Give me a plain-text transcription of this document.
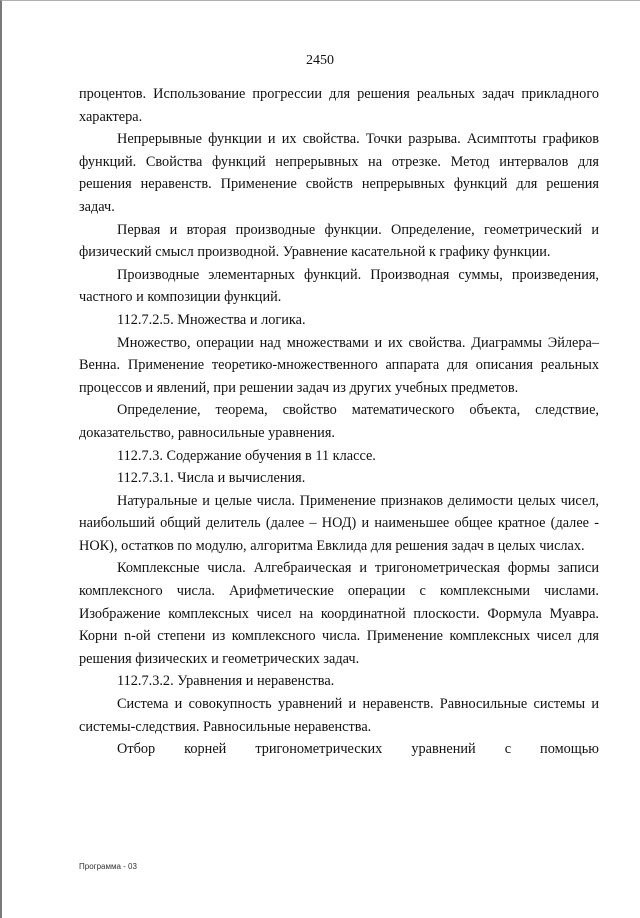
2450

процентов. Использование прогрессии для решения реальных задач прикладного характера.

Непрерывные функции и их свойства. Точки разрыва. Асимптоты графиков функций. Свойства функций непрерывных на отрезке. Метод интервалов для решения неравенств. Применение свойств непрерывных функций для решения задач.

Первая и вторая производные функции. Определение, геометрический и физический смысл производной. Уравнение касательной к графику функции.

Производные элементарных функций. Производная суммы, произведения, частного и композиции функций.

112.7.2.5. Множества и логика.

Множество, операции над множествами и их свойства. Диаграммы Эйлера–Венна. Применение теоретико-множественного аппарата для описания реальных процессов и явлений, при решении задач из других учебных предметов.

Определение, теорема, свойство математического объекта, следствие, доказательство, равносильные уравнения.

112.7.3. Содержание обучения в 11 классе.

112.7.3.1. Числа и вычисления.

Натуральные и целые числа. Применение признаков делимости целых чисел, наибольший общий делитель (далее – НОД) и наименьшее общее кратное (далее - НОК), остатков по модулю, алгоритма Евклида для решения задач в целых числах.

Комплексные числа. Алгебраическая и тригонометрическая формы записи комплексного числа. Арифметические операции с комплексными числами. Изображение комплексных чисел на координатной плоскости. Формула Муавра. Корни n-ой степени из комплексного числа. Применение комплексных чисел для решения физических и геометрических задач.

112.7.3.2. Уравнения и неравенства.

Система и совокупность уравнений и неравенств. Равносильные системы и системы-следствия. Равносильные неравенства.

Отбор корней тригонометрических уравнений с помощью

Программа - 03
